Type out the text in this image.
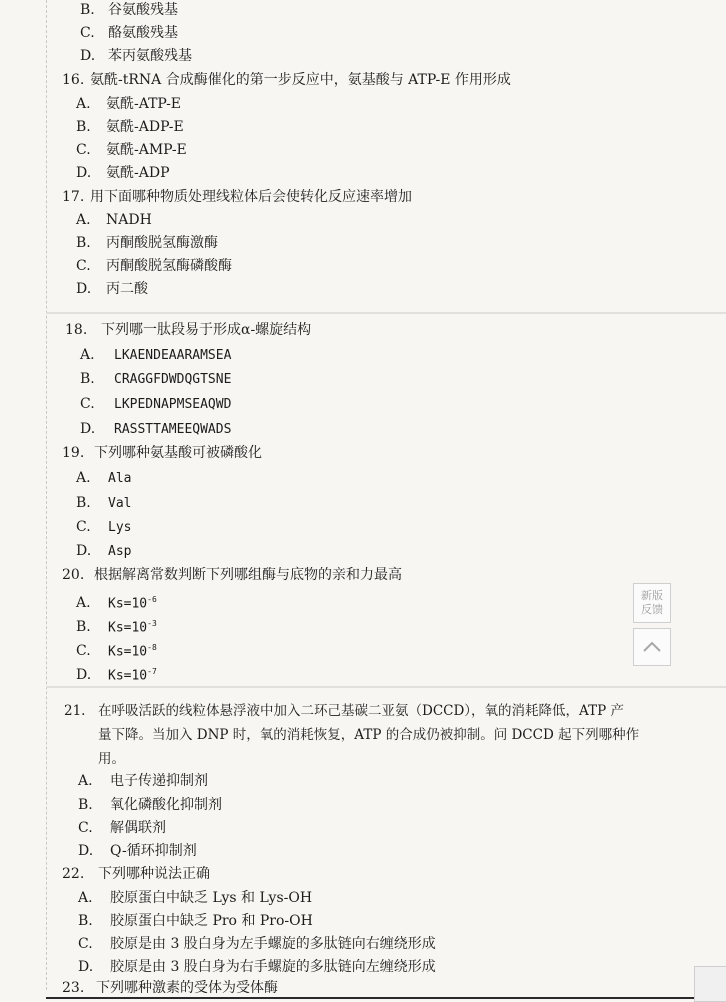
B. 谷氨酸残基
C. 酪氨酸残基
D. 苯丙氨酸残基
16. 氨酰-tRNA 合成酶催化的第一步反应中，氨基酸与 ATP-E 作用形成
A. 氨酰-ATP-E
B. 氨酰-ADP-E
C. 氨酰-AMP-E
D. 氨酰-ADP
17. 用下面哪种物质处理线粒体后会使转化反应速率增加
A. NADH
B. 丙酮酸脱氢酶激酶
C. 丙酮酸脱氢酶磷酸酶
D. 丙二酸
18. 下列哪一肽段易于形成α-螺旋结构
A. LKAENDEAARAMSEA
B. CRAGGFDWDQGTSNE
C. LKPEDNAPMSEAQWD
D. RASSTTAMEEQWADS
19. 下列哪种氨基酸可被磷酸化
A. Ala
B. Val
C. Lys
D. Asp
20. 根据解离常数判断下列哪组酶与底物的亲和力最高
A. $Ks=10^{-6}$
B. $Ks=10^{-3}$
C. $Ks=10^{-8}$
D. $Ks=10^{-7}$
21. 在呼吸活跃的线粒体悬浮液中加入二环己基碳二亚氨（DCCD），氧的消耗降低，ATP 产
量下降。当加入 DNP 时，氧的消耗恢复，ATP 的合成仍被抑制。问 DCCD 起下列哪种作
用。
A. 电子传递抑制剂
B. 氧化磷酸化抑制剂
C. 解偶联剂
D. Q-循环抑制剂
22. 下列哪种说法正确
A. 胶原蛋白中缺乏 Lys 和 Lys-OH
B. 胶原蛋白中缺乏 Pro 和 Pro-OH
C. 胶原是由 3 股白身为左手螺旋的多肽链向右缠绕形成
D. 胶原是由 3 股白身为右手螺旋的多肽链向左缠绕形成
23. 下列哪种激素的受体为受体酶
新版
反馈
